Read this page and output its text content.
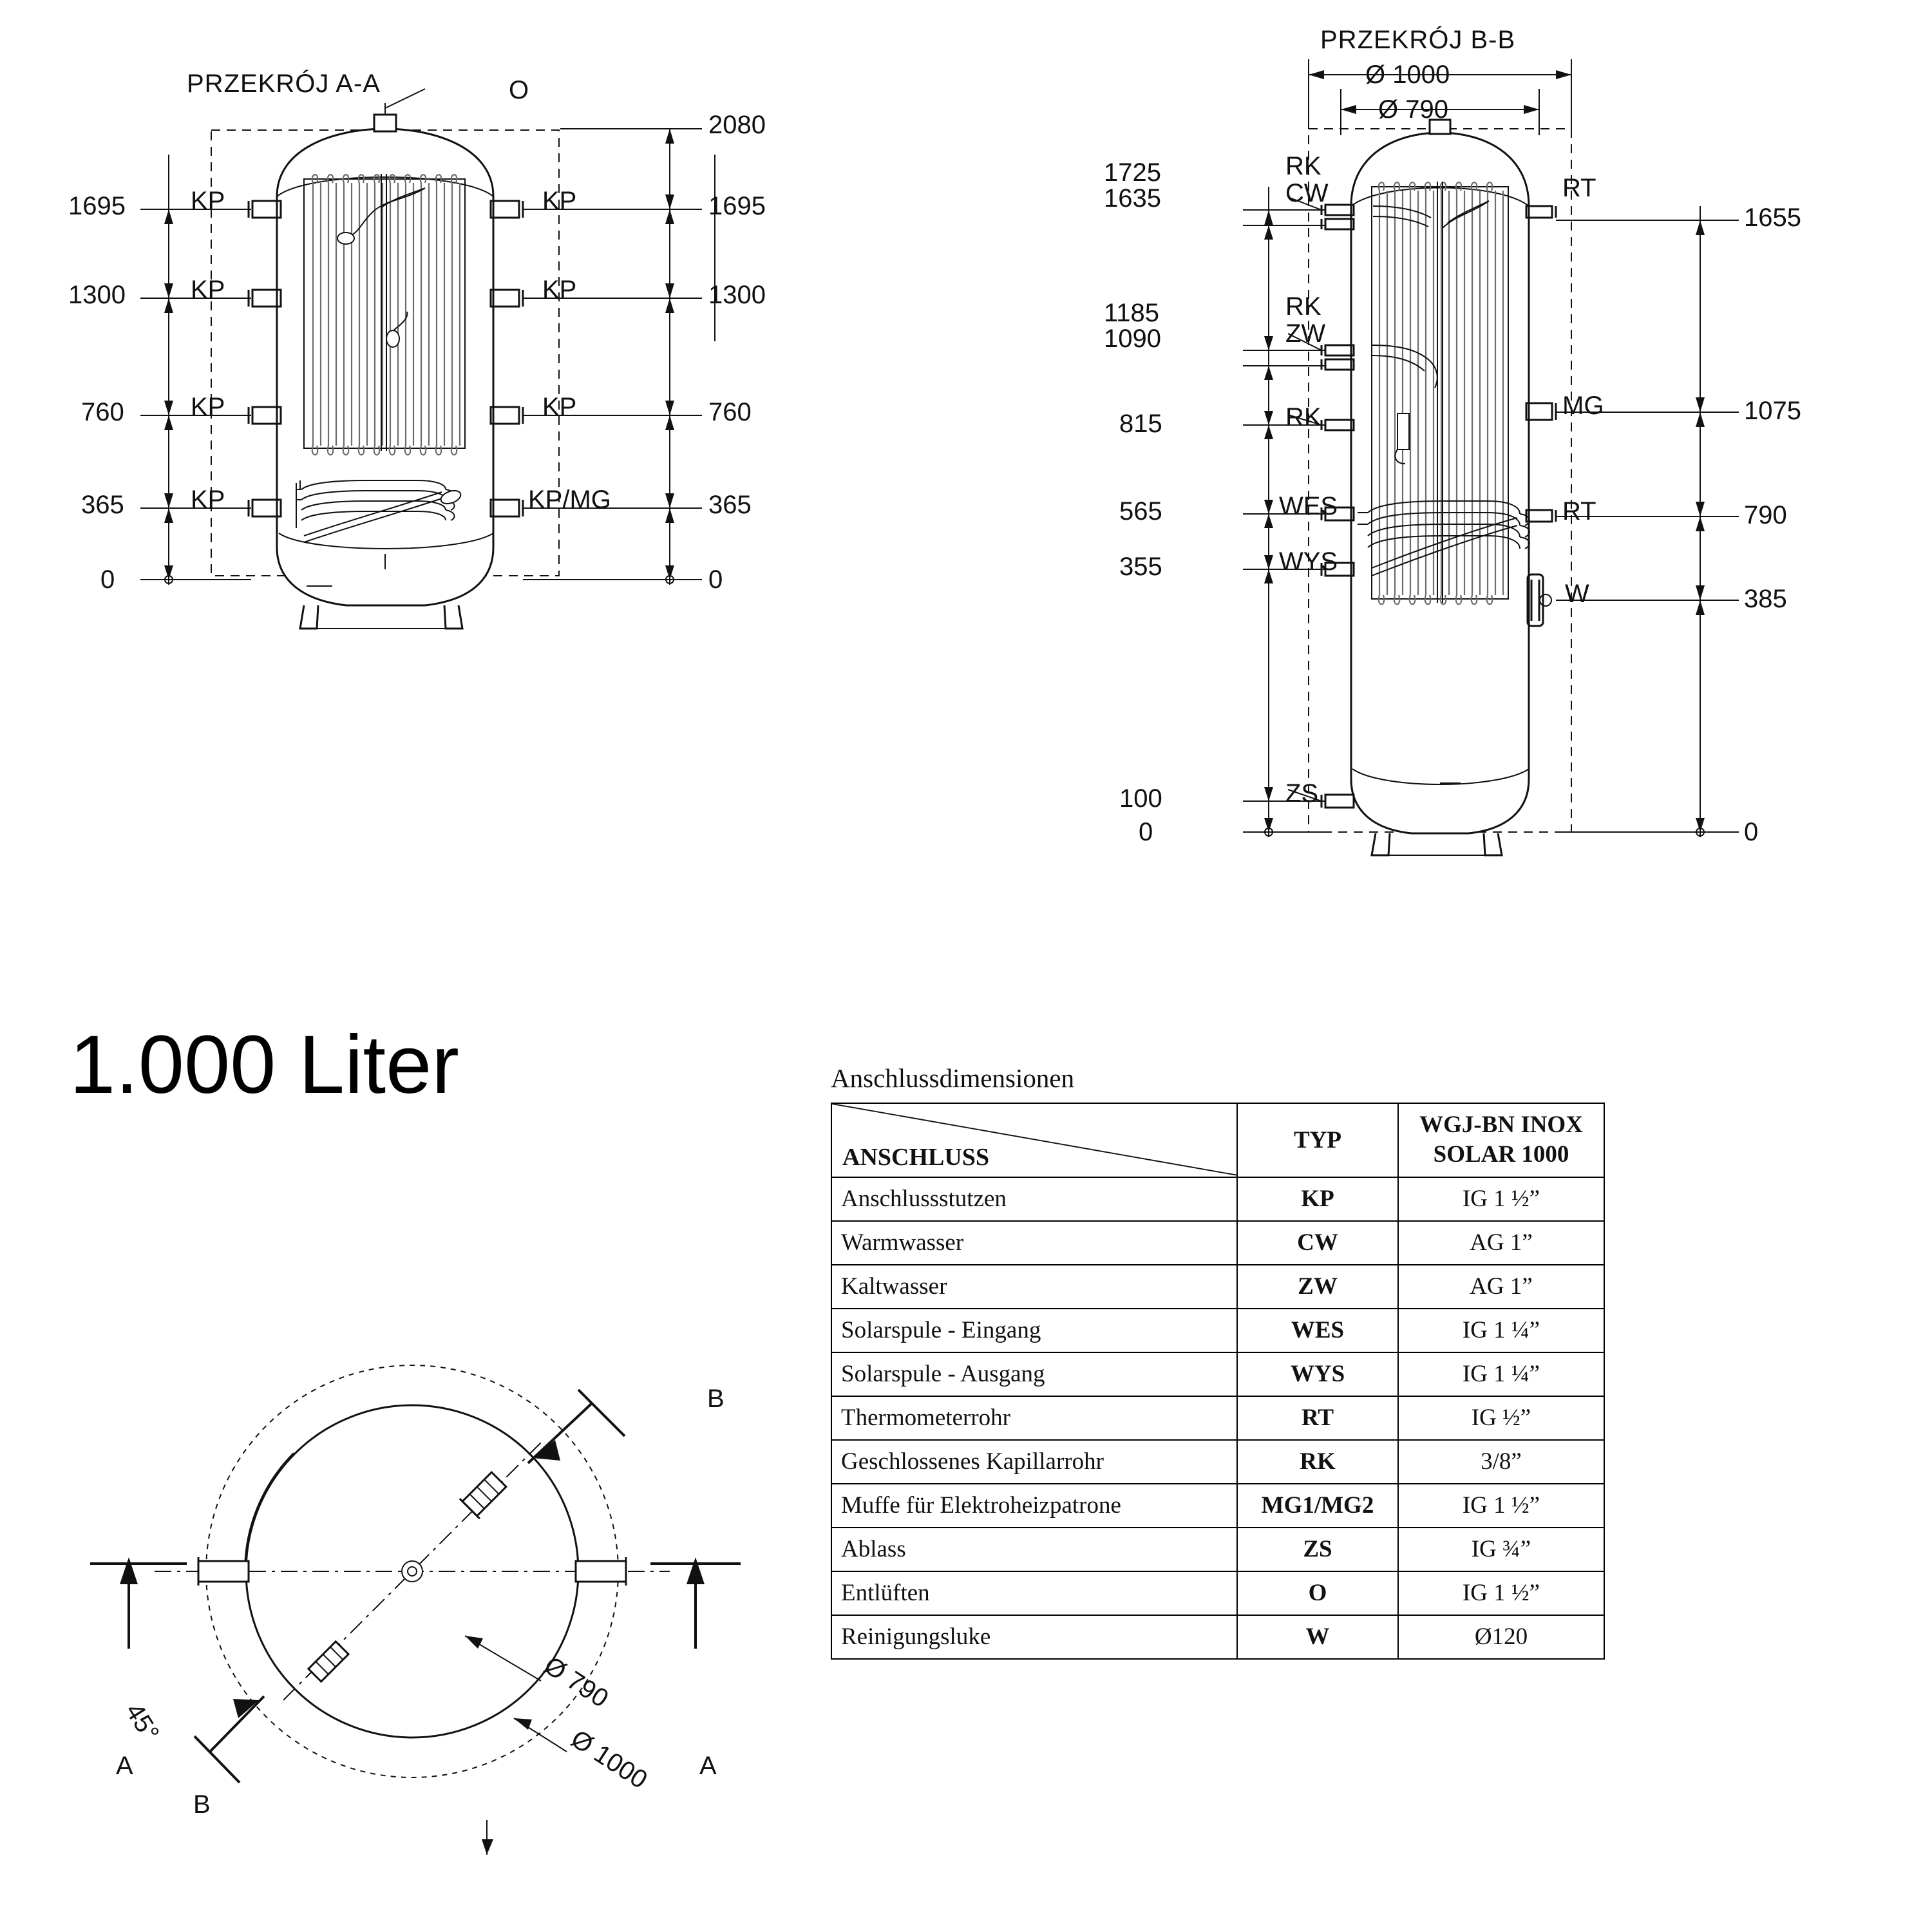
PRZEKRÓJ A-A
1695
1300
760
365
0
KP
KP
KP
KP
KP
KP
KP
KP/MG
2080
1695
1300
760
365
0
O
PRZEKRÓJ B-B
Ø 1000
Ø 790
1725
1635
1185
1090
815
565
355
100
0
RK
CW
RK
ZW
RK
WES
WYS
ZS
RT
1655
MG	1075
RT	790
W	385
0
1.000 Liter
45°
A	A
B
B
Ø 790
Ø 1000
Anschlussdimensionen
ANSCHLUSS	TYP	WGJ-BN INOX
SOLAR 1000

Anschlussstutzen	KP	IG 1 ½”
Warmwasser	CW	AG 1”
Kaltwasser	ZW	AG 1”
Solarspule - Eingang	WES	IG 1 ¼”
Solarspule - Ausgang	WYS	IG 1 ¼”
Thermometerrohr	RT	IG ½”
Geschlossenes Kapillarrohr	RK	3/8”
Muffe für Elektroheizpatrone	MG1/MG2	IG 1 ½”
Ablass	ZS	IG ¾”
Entlüften	O	IG 1 ½”
Reinigungsluke	W	Ø120
